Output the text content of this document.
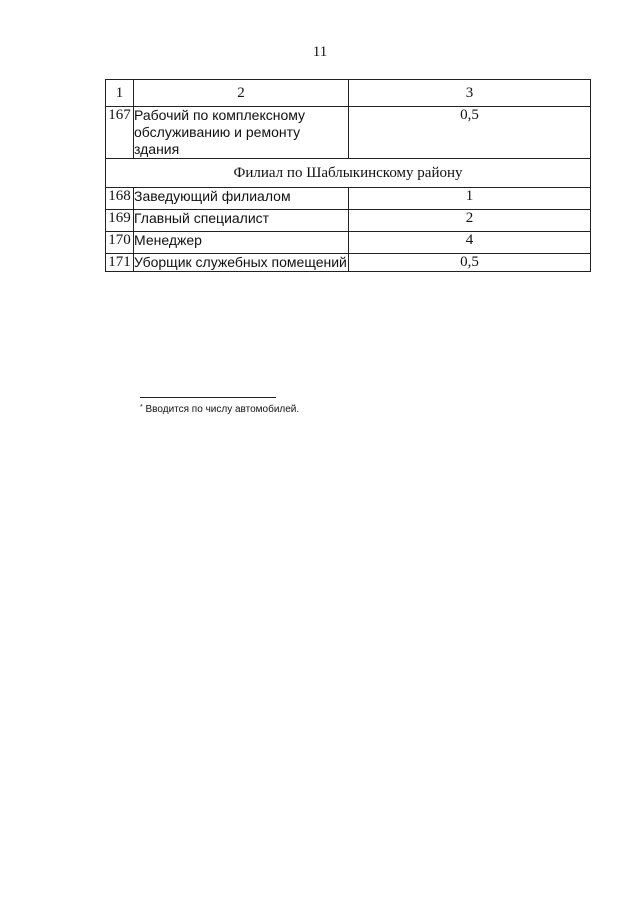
11
1	2	3
167	Рабочий по комплексному обслуживанию и ремонту здания	0,5
Филиал по Шаблыкинскому району		
168	Заведующий филиалом	1
169	Главный специалист	2
170	Менеджер	4
171	Уборщик служебных помещений	0,5
* Вводится по числу автомобилей.
